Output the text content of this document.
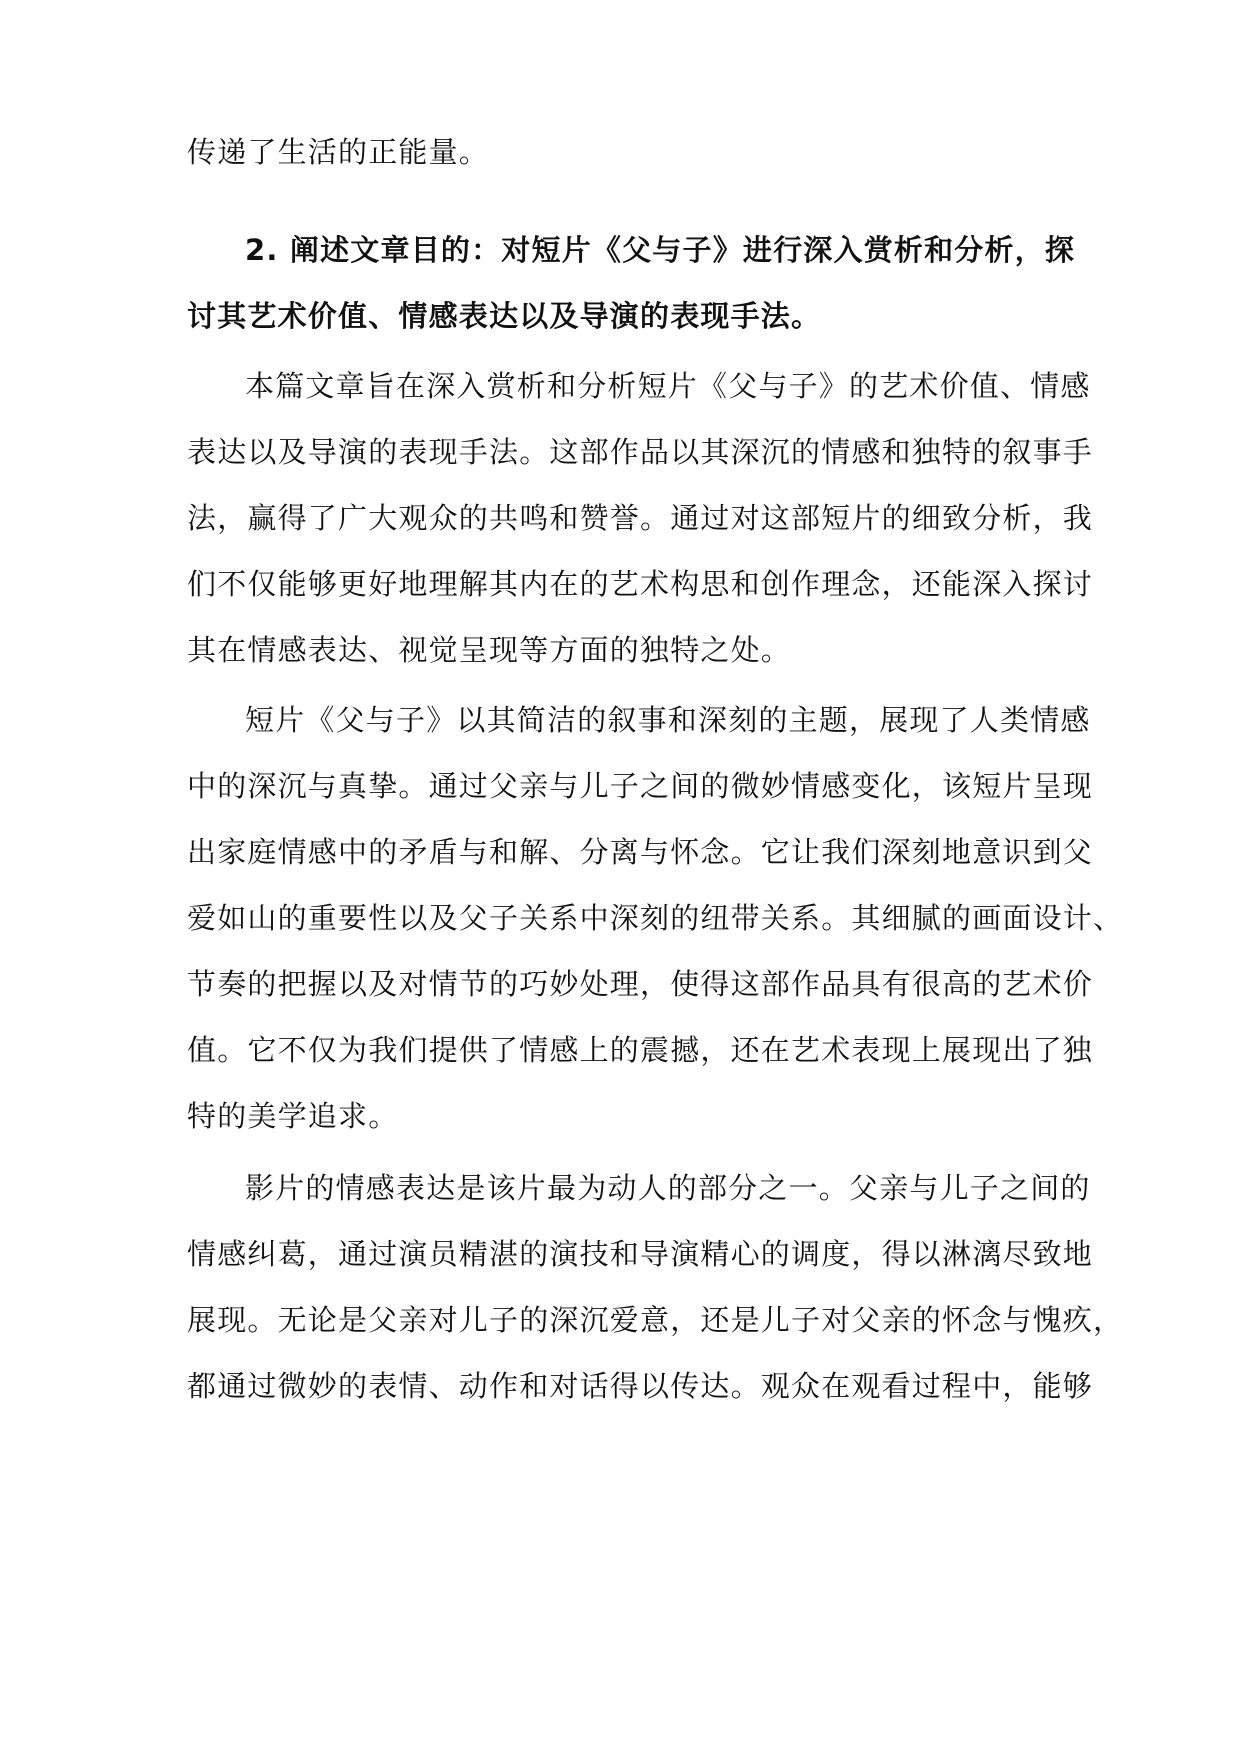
传递了生活的正能量。
2. 阐述文章目的：对短片《父与子》进行深入赏析和分析，探
讨其艺术价值、情感表达以及导演的表现手法。
本篇文章旨在深入赏析和分析短片《父与子》的艺术价值、情感
表达以及导演的表现手法。这部作品以其深沉的情感和独特的叙事手
法，赢得了广大观众的共鸣和赞誉。通过对这部短片的细致分析，我
们不仅能够更好地理解其内在的艺术构思和创作理念，还能深入探讨
其在情感表达、视觉呈现等方面的独特之处。
短片《父与子》以其简洁的叙事和深刻的主题，展现了人类情感
中的深沉与真挚。通过父亲与儿子之间的微妙情感变化，该短片呈现
出家庭情感中的矛盾与和解、分离与怀念。它让我们深刻地意识到父
爱如山的重要性以及父子关系中深刻的纽带关系。其细腻的画面设计、
节奏的把握以及对情节的巧妙处理，使得这部作品具有很高的艺术价
值。它不仅为我们提供了情感上的震撼，还在艺术表现上展现出了独
特的美学追求。
影片的情感表达是该片最为动人的部分之一。父亲与儿子之间的
情感纠葛，通过演员精湛的演技和导演精心的调度，得以淋漓尽致地
展现。无论是父亲对儿子的深沉爱意，还是儿子对父亲的怀念与愧疚，
都通过微妙的表情、动作和对话得以传达。观众在观看过程中，能够
